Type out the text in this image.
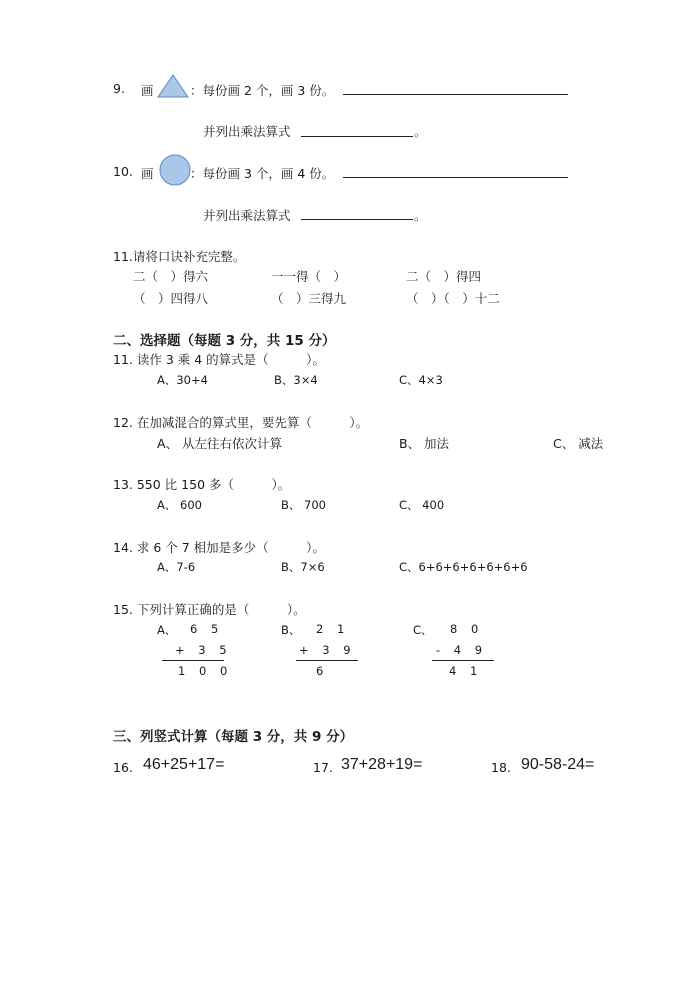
9. 画	：每份画 2 个，画 3 份。
并列出乘法算式	。
10. 画	：每份画 3 个，画 4 份。
并列出乘法算式	。
11.请将口诀补充完整。
二（　）得六	一一得（　）	二（　）得四
（　）四得八	（　）三得九	（　）（　）十二
二、选择题（每题 3 分，共 15 分）
11. 读作 3 乘 4 的算式是（　　　）。
A、30+4	B、3×4	C、4×3
12. 在加减混合的算式里，要先算（　　　）。
A、 从左往右依次计算	B、 加法	C、 减法
13. 550 比 150 多（　　　）。
A、 600	B、 700	C、 400
14. 求 6 个 7 相加是多少（　　　）。
A、7-6	B、7×6	C、6+6+6+6+6+6+6
15. 下列计算正确的是（　　　）。
A、 6 5
+ 3 5
1 0 0
B、 2 1
+ 3 9
6
C、 8 0
- 4 9
4 1
三、列竖式计算（每题 3 分，共 9 分）
16. 46+25+17=	17. 37+28+19=	18. 90-58-24=
